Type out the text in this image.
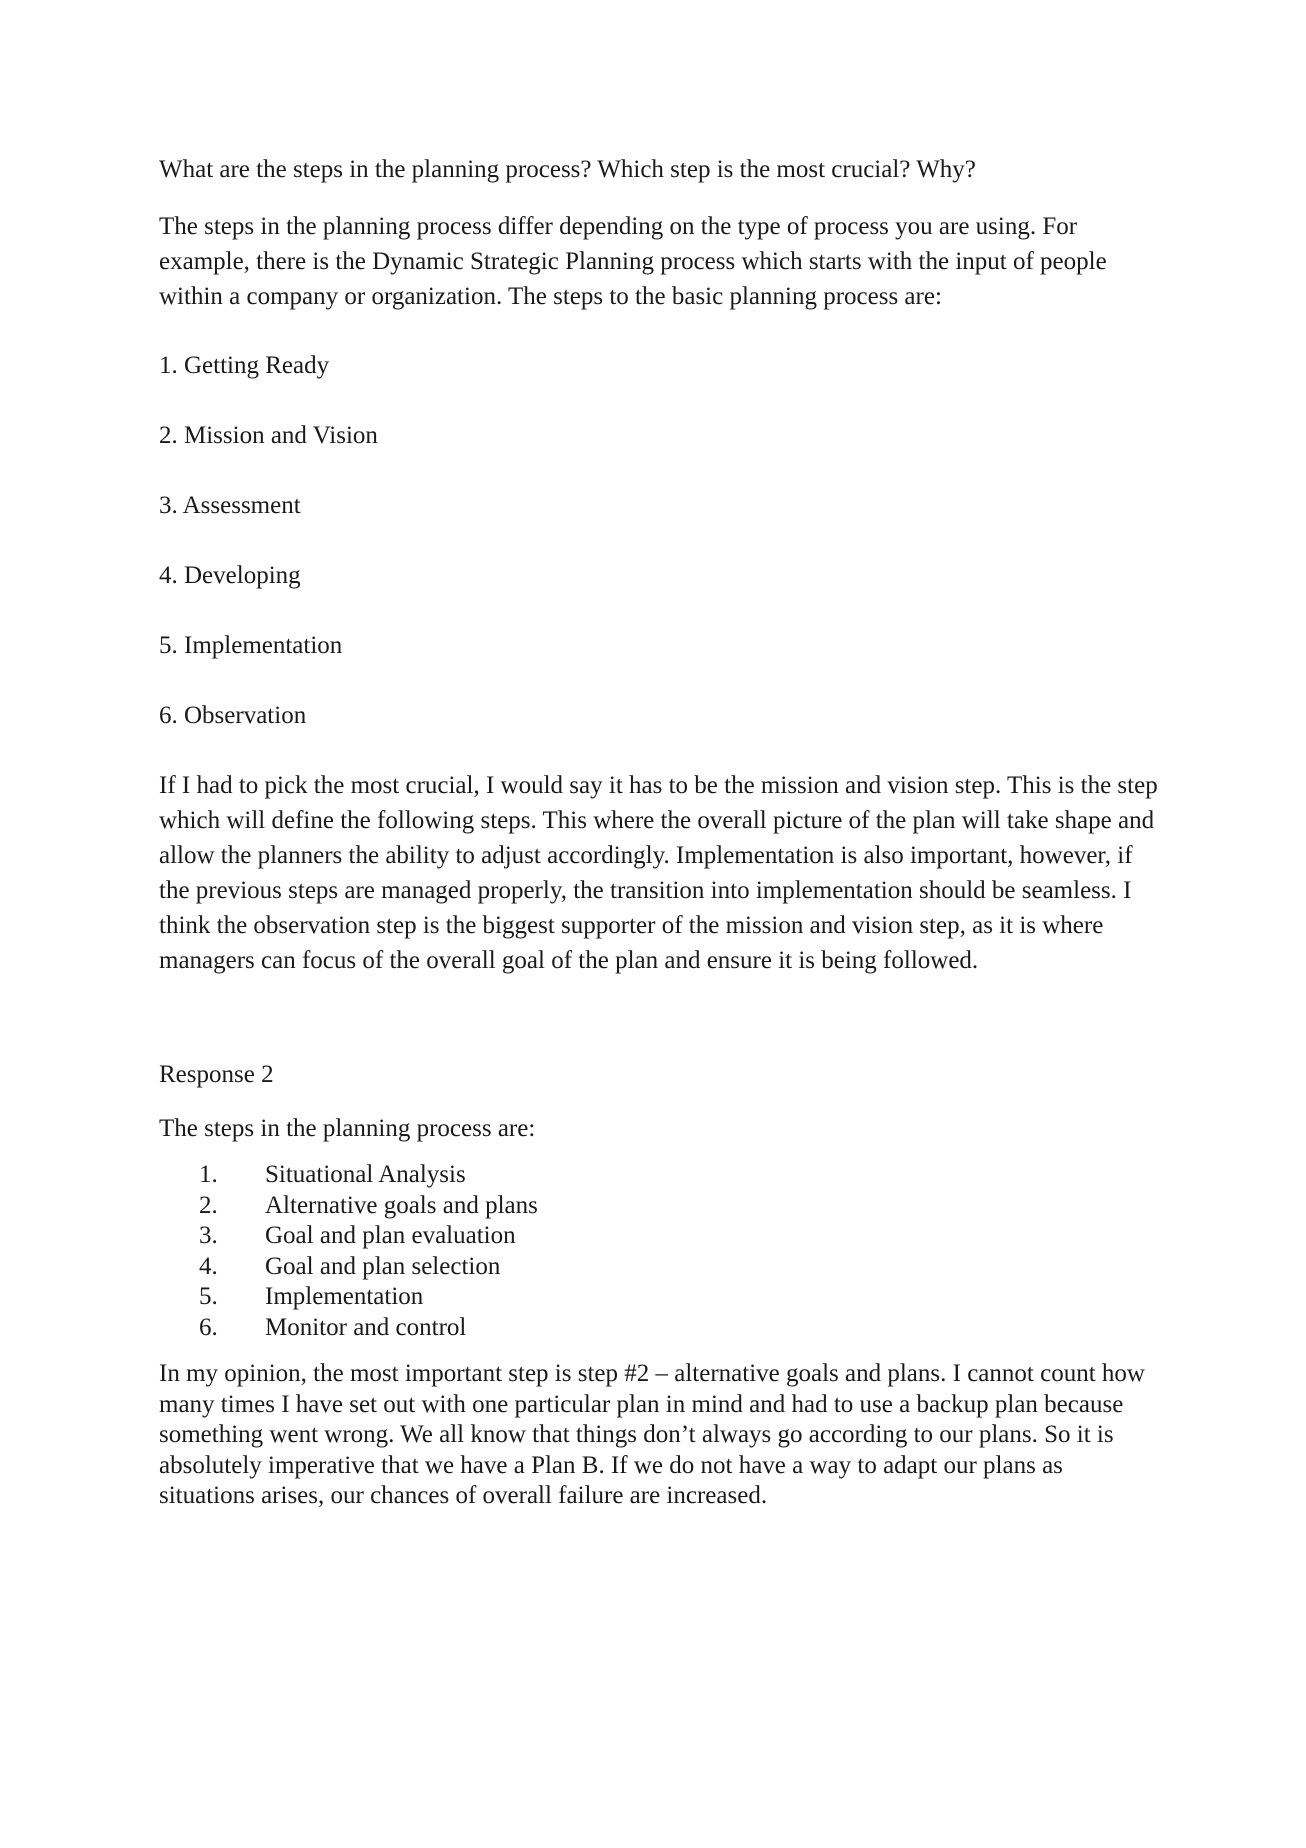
What are the steps in the planning process? Which step is the most crucial? Why?

The steps in the planning process differ depending on the type of process you are using. For example, there is the Dynamic Strategic Planning process which starts with the input of people within a company or organization. The steps to the basic planning process are:

1. Getting Ready

2. Mission and Vision

3. Assessment

4. Developing

5. Implementation

6. Observation

If I had to pick the most crucial, I would say it has to be the mission and vision step. This is the step which will define the following steps. This where the overall picture of the plan will take shape and allow the planners the ability to adjust accordingly. Implementation is also important, however, if the previous steps are managed properly, the transition into implementation should be seamless. I think the observation step is the biggest supporter of the mission and vision step, as it is where managers can focus of the overall goal of the plan and ensure it is being followed.

Response 2

The steps in the planning process are:

1.	Situational Analysis
2.	Alternative goals and plans
3.	Goal and plan evaluation
4.	Goal and plan selection
5.	Implementation
6.	Monitor and control

In my opinion, the most important step is step #2 – alternative goals and plans. I cannot count how many times I have set out with one particular plan in mind and had to use a backup plan because something went wrong. We all know that things don’t always go according to our plans. So it is absolutely imperative that we have a Plan B. If we do not have a way to adapt our plans as situations arises, our chances of overall failure are increased.
